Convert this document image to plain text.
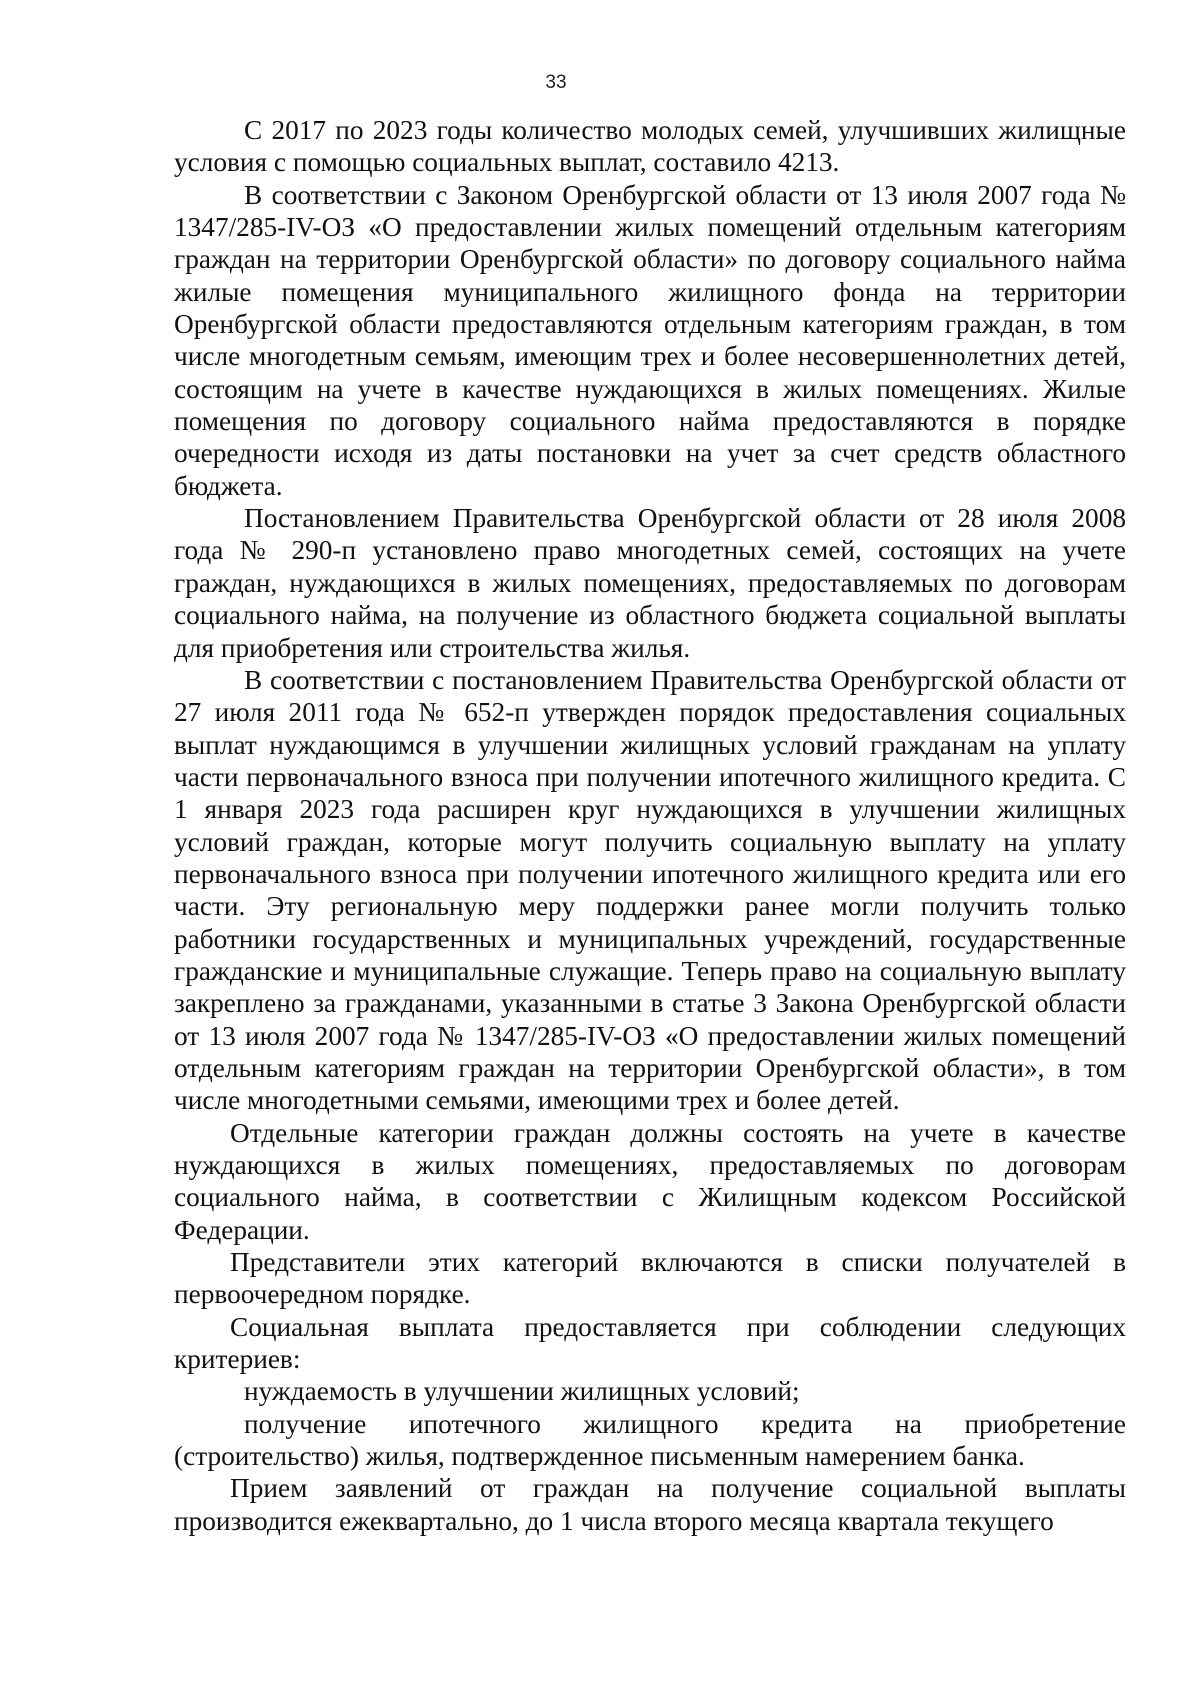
33

С 2017 по 2023 годы количество молодых семей, улучшивших жилищные условия с помощью социальных выплат, составило 4213.

В соответствии с Законом Оренбургской области от 13 июля 2007 года № 1347/285-IV-ОЗ «О предоставлении жилых помещений отдельным категориям граждан на территории Оренбургской области» по договору социального найма жилые помещения муниципального жилищного фонда на территории Оренбургской области предоставляются отдельным категориям граждан, в том числе многодетным семьям, имеющим трех и более несовершеннолетних детей, состоящим на учете в качестве нуждающихся в жилых помещениях. Жилые помещения по договору социального найма предоставляются в порядке очередности исходя из даты постановки на учет за счет средств областного бюджета.

Постановлением Правительства Оренбургской области от 28 июля 2008 года № 290-п установлено право многодетных семей, состоящих на учете граждан, нуждающихся в жилых помещениях, предоставляемых по договорам социального найма, на получение из областного бюджета социальной выплаты для приобретения или строительства жилья.

В соответствии с постановлением Правительства Оренбургской области от 27 июля 2011 года № 652-п утвержден порядок предоставления социальных выплат нуждающимся в улучшении жилищных условий гражданам на уплату части первоначального взноса при получении ипотечного жилищного кредита. С 1 января 2023 года расширен круг нуждающихся в улучшении жилищных условий граждан, которые могут получить социальную выплату на уплату первоначального взноса при получении ипотечного жилищного кредита или его части. Эту региональную меру поддержки ранее могли получить только работники государственных и муниципальных учреждений, государственные гражданские и муниципальные служащие. Теперь право на социальную выплату закреплено за гражданами, указанными в статье 3 Закона Оренбургской области от 13 июля 2007 года № 1347/285-IV-ОЗ «О предоставлении жилых помещений отдельным категориям граждан на территории Оренбургской области», в том числе многодетными семьями, имеющими трех и более детей.

Отдельные категории граждан должны состоять на учете в качестве нуждающихся в жилых помещениях, предоставляемых по договорам социального найма, в соответствии с Жилищным кодексом Российской Федерации.

Представители этих категорий включаются в списки получателей в первоочередном порядке.

Социальная выплата предоставляется при соблюдении следующих критериев:

нуждаемость в улучшении жилищных условий;

получение ипотечного жилищного кредита на приобретение (строительство) жилья, подтвержденное письменным намерением банка.

Прием заявлений от граждан на получение социальной выплаты производится ежеквартально, до 1 числа второго месяца квартала текущего
